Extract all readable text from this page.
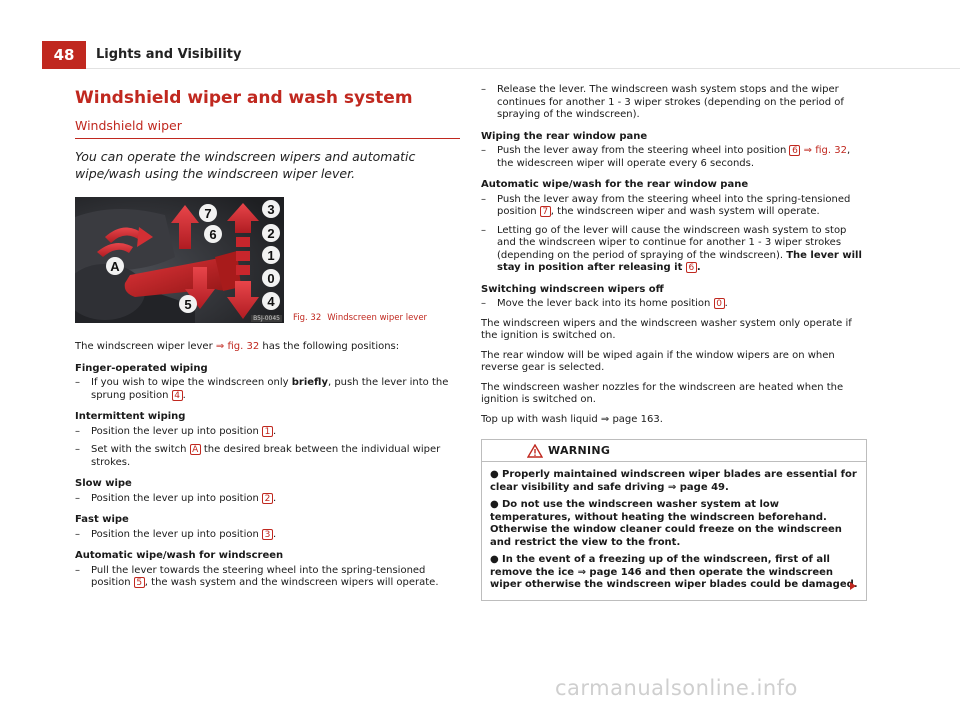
48	Lights and Visibility
Windshield wiper and wash system
Windshield wiper
You can operate the windscreen wipers and automatic wipe/wash using the windscreen wiper lever.
7	3
6	2
1
A
0
5	4
B5J-0045 Fig. 32 Windscreen wiper lever

The windscreen wiper lever ⇒ fig. 32 has the following positions:

Finger-operated wiping
– If you wish to wipe the windscreen only briefly, push the lever into the sprung position 4 .
Intermittent wiping
– Position the lever up into position 1 .
– Set with the switch A the desired break between the individual wiper strokes.
Slow wipe
– Position the lever up into position 2 .
Fast wipe
– Position the lever up into position 3 .
Automatic wipe/wash for windscreen
– Pull the lever towards the steering wheel into the spring-tensioned position 5 , the wash system and the windscreen wipers will operate.
– Release the lever. The windscreen wash system stops and the wiper continues for another 1 - 3 wiper strokes (depending on the period of spraying of the windscreen).
Wiping the rear window pane
– Push the lever away from the steering wheel into position 6 ⇒ fig. 32, the widescreen wiper will operate every 6 seconds.
Automatic wipe/wash for the rear window pane
– Push the lever away from the steering wheel into the spring-tensioned position 7 , the windscreen wiper and wash system will operate.
– Letting go of the lever will cause the windscreen wash system to stop and the windscreen wiper to continue for another 1 - 3 wiper strokes (depending on the period of spraying of the windscreen). The lever will stay in position after releasing it 6 .
Switching windscreen wipers off
– Move the lever back into its home position 0 .

The windscreen wipers and the windscreen washer system only operate if the ignition is switched on.

The rear window will be wiped again if the window wipers are on when reverse gear is selected.

The windscreen washer nozzles for the windscreen are heated when the ignition is switched on.

Top up with wash liquid ⇒ page 163.

WARNING
● Properly maintained windscreen wiper blades are essential for clear visibility and safe driving ⇒ page 49.
● Do not use the windscreen washer system at low temperatures, without heating the windscreen beforehand. Otherwise the window cleaner could freeze on the windscreen and restrict the view to the front.
● In the event of a freezing up of the windscreen, first of all remove the ice ⇒ page 146 and then operate the windscreen wiper otherwise the windscreen wiper blades could be damaged.
carmanualsonline.info
